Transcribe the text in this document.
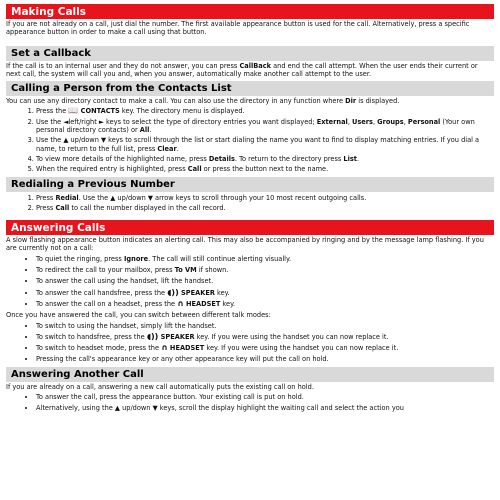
Making Calls

If you are not already on a call, just dial the number. The first available appearance button is used for the call. Alternatively, press a specific appearance button in order to make a call using that button.

Set a Callback

If the call is to an internal user and they do not answer, you can press CallBack and end the call attempt. When the user ends their current or next call, the system will call you and, when you answer, automatically make another call attempt to the user.

Calling a Person from the Contacts List

You can use any directory contact to make a call. You can also use the directory in any function where Dir is displayed.

1. Press the 📖 CONTACTS key. The directory menu is displayed.
2. Use the ◄left/right ► keys to select the type of directory entries you want displayed; External, Users, Groups, Personal (Your own personal directory contacts) or All.
3. Use the ▲ up/down ▼ keys to scroll through the list or start dialing the name you want to find to display matching entries. If you dial a name, to return to the full list, press Clear.
4. To view more details of the highlighted name, press Details. To return to the directory press List.
5. When the required entry is highlighted, press Call or press the button next to the name.
Redialing a Previous Number
1. Press Redial. Use the ▲ up/down ▼ arrow keys to scroll through your 10 most recent outgoing calls.
2. Press Call to call the number displayed in the call record.
Answering Calls

A slow flashing appearance button indicates an alerting call. This may also be accompanied by ringing and by the message lamp flashing. If you are currently not on a call:

• To quiet the ringing, press Ignore. The call will still continue alerting visually.
• To redirect the call to your mailbox, press To VM if shown.
• To answer the call using the handset, lift the handset.
• To answer the call handsfree, press the ◖)) SPEAKER key.
• To answer the call on a headset, press the ∩ HEADSET key.

Once you have answered the call, you can switch between different talk modes:

• To switch to using the handset, simply lift the handset.
• To switch to handsfree, press the ◖)) SPEAKER key. If you were using the handset you can now replace it.
• To switch to headset mode, press the ∩ HEADSET key. If you were using the handset you can now replace it.
• Pressing the call's appearance key or any other appearance key will put the call on hold.
Answering Another Call

If you are already on a call, answering a new call automatically puts the existing call on hold.

• To answer the call, press the appearance button. Your existing call is put on hold.
• Alternatively, using the ▲ up/down ▼ keys, scroll the display highlight the waiting call and select the action you
